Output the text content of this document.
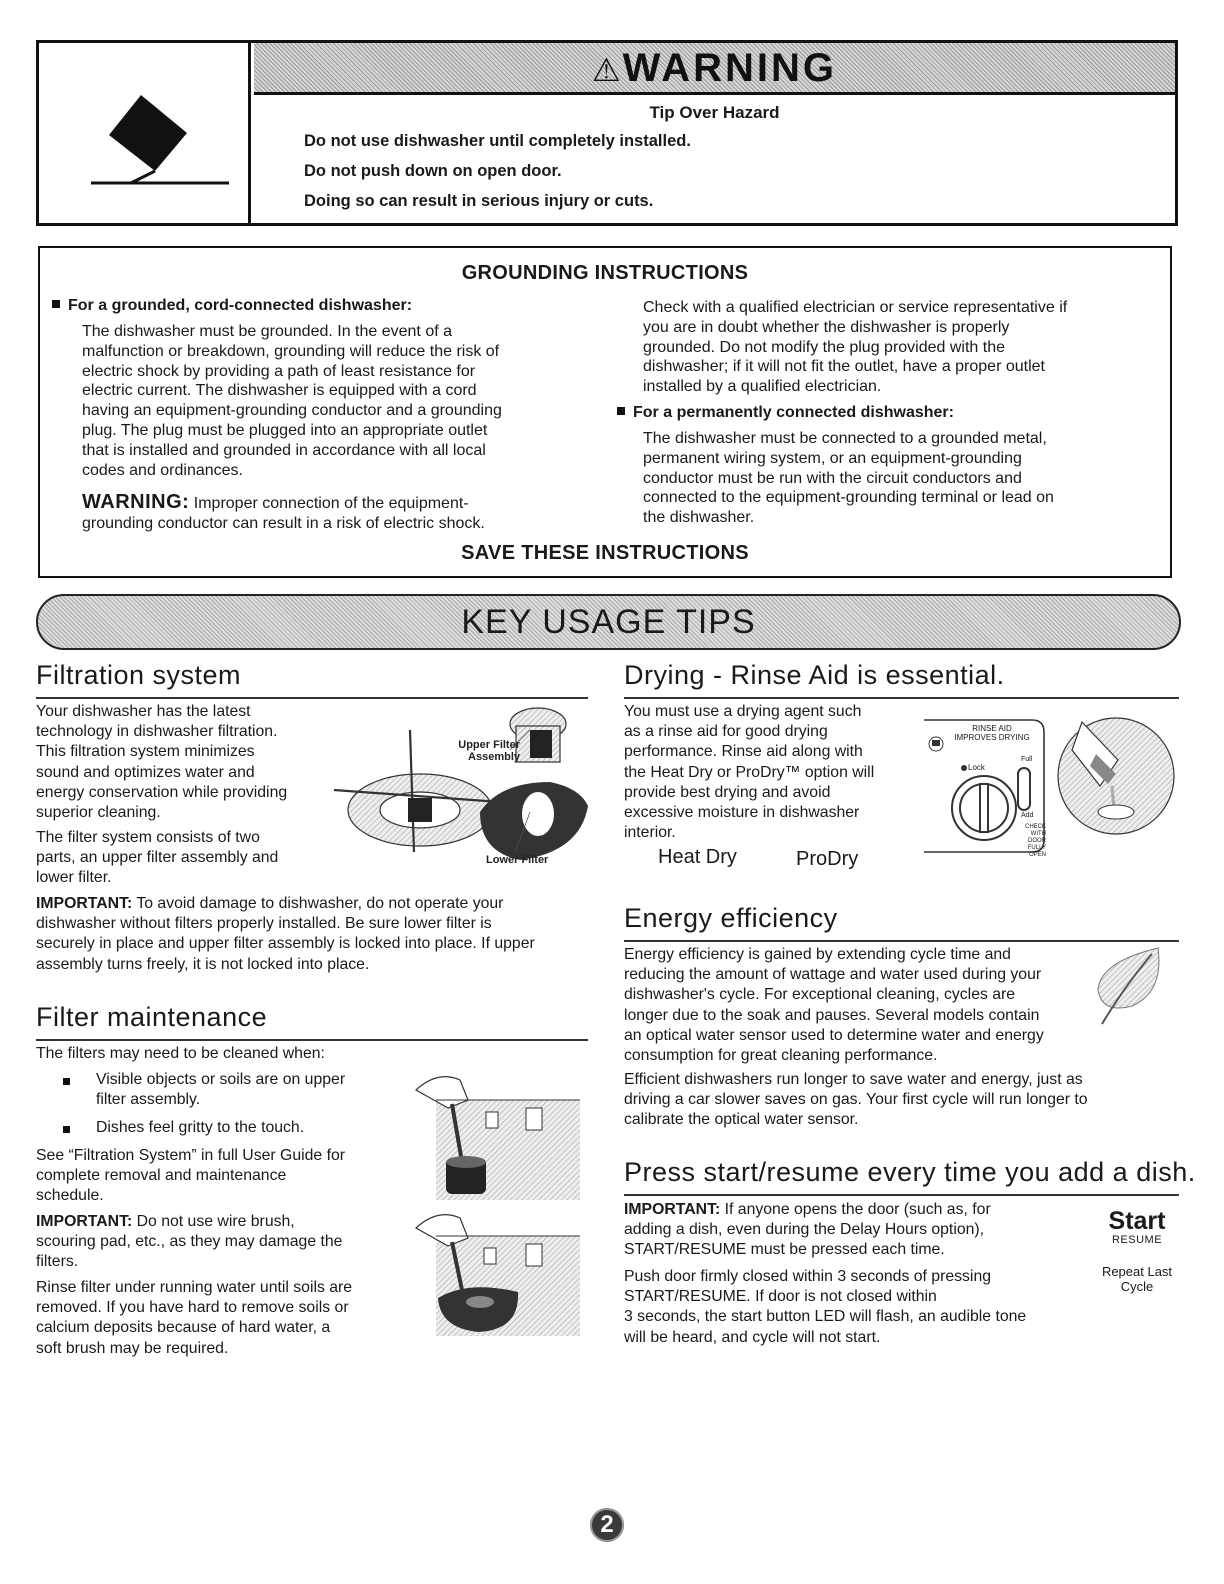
⚠WARNING
Tip Over Hazard
Do not use dishwasher until completely installed.
Do not push down on open door.
Doing so can result in serious injury or cuts.
GROUNDING INSTRUCTIONS
For a grounded, cord-connected dishwasher:
The dishwasher must be grounded. In the event of a
malfunction or breakdown, grounding will reduce the risk of
electric shock by providing a path of least resistance for
electric current. The dishwasher is equipped with a cord
having an equipment-grounding conductor and a grounding
plug. The plug must be plugged into an appropriate outlet
that is installed and grounded in accordance with all local
codes and ordinances.
WARNING: Improper connection of the equipment-
grounding conductor can result in a risk of electric shock.
Check with a qualified electrician or service representative if
you are in doubt whether the dishwasher is properly
grounded. Do not modify the plug provided with the
dishwasher; if it will not fit the outlet, have a proper outlet
installed by a qualified electrician.
For a permanently connected dishwasher:
The dishwasher must be connected to a grounded metal,
permanent wiring system, or an equipment-grounding
conductor must be run with the circuit conductors and
connected to the equipment-grounding terminal or lead on
the dishwasher.
SAVE THESE INSTRUCTIONS
KEY USAGE TIPS
Filtration system
Your dishwasher has the latest
technology in dishwasher filtration.
This filtration system minimizes
sound and optimizes water and
energy conservation while providing
superior cleaning.
The filter system consists of two
parts, an upper filter assembly and
lower filter.
Upper Filter
Assembly
Lower Filter
IMPORTANT: To avoid damage to dishwasher, do not operate your
dishwasher without filters properly installed. Be sure lower filter is
securely in place and upper filter assembly is locked into place. If upper
assembly turns freely, it is not locked into place.
Filter maintenance
The filters may need to be cleaned when:
Visible objects or soils are on upper
filter assembly.
Dishes feel gritty to the touch.
See “Filtration System” in full User Guide for
complete removal and maintenance
schedule.
IMPORTANT: Do not use wire brush,
scouring pad, etc., as they may damage the
filters.
Rinse filter under running water until soils are
removed. If you have hard to remove soils or
calcium deposits because of hard water, a
soft brush may be required.
Drying - Rinse Aid is essential.
You must use a drying agent such
as a rinse aid for good drying
performance. Rinse aid along with
the Heat Dry or ProDry™ option will
provide best drying and avoid
excessive moisture in dishwasher
interior.
Heat Dry	ProDry
RINSE AID
IMPROVES DRYING
Lock
Full
Add
CHECK
WITH DOOR
FULLY OPEN
Energy efficiency
Energy efficiency is gained by extending cycle time and
reducing the amount of wattage and water used during your
dishwasher's cycle. For exceptional cleaning, cycles are
longer due to the soak and pauses. Several models contain
an optical water sensor used to determine water and energy
consumption for great cleaning performance.
Efficient dishwashers run longer to save water and energy, just as
driving a car slower saves on gas. Your first cycle will run longer to
calibrate the optical water sensor.
Press start/resume every time you add a dish.
IMPORTANT: If anyone opens the door (such as, for
adding a dish, even during the Delay Hours option),
START/RESUME must be pressed each time.
Push door firmly closed within 3 seconds of pressing
START/RESUME. If door is not closed within
3 seconds, the start button LED will flash, an audible tone
will be heard, and cycle will not start.
Start
RESUME
Repeat Last
Cycle
2
